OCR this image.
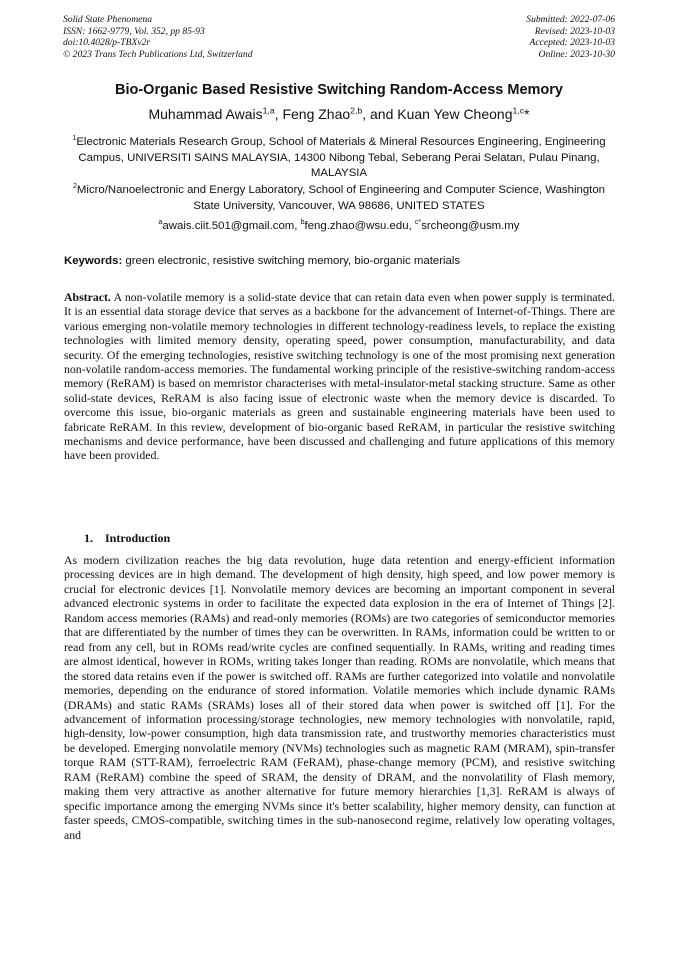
Solid State Phenomena
ISSN: 1662-9779, Vol. 352, pp 85-93
doi:10.4028/p-TBXv2r
© 2023 Trans Tech Publications Ltd, Switzerland
Submitted: 2022-07-06
Revised: 2023-10-03
Accepted: 2023-10-03
Online: 2023-10-30
Bio-Organic Based Resistive Switching Random-Access Memory
Muhammad Awais$^{1,a}$, Feng Zhao$^{2,b}$, and Kuan Yew Cheong$^{1,c}$*
$^1$Electronic Materials Research Group, School of Materials & Mineral Resources Engineering, Engineering Campus, UNIVERSITI SAINS MALAYSIA, 14300 Nibong Tebal, Seberang Perai Selatan, Pulau Pinang, MALAYSIA
$^2$Micro/Nanoelectronic and Energy Laboratory, School of Engineering and Computer Science, Washington State University, Vancouver, WA 98686, UNITED STATES
$^a$awais.ciit.501@gmail.com, $^b$feng.zhao@wsu.edu, $^{c*}$srcheong@usm.my
Keywords: green electronic, resistive switching memory, bio-organic materials

Abstract. A non-volatile memory is a solid-state device that can retain data even when power supply is terminated. It is an essential data storage device that serves as a backbone for the advancement of Internet-of-Things. There are various emerging non-volatile memory technologies in different technology-readiness levels, to replace the existing technologies with limited memory density, operating speed, power consumption, manufacturability, and data security. Of the emerging technologies, resistive switching technology is one of the most promising next generation non-volatile random-access memories. The fundamental working principle of the resistive-switching random-access memory (ReRAM) is based on memristor characterises with metal-insulator-metal stacking structure. Same as other solid-state devices, ReRAM is also facing issue of electronic waste when the memory device is discarded. To overcome this issue, bio-organic materials as green and sustainable engineering materials have been used to fabricate ReRAM. In this review, development of bio-organic based ReRAM, in particular the resistive switching mechanisms and device performance, have been discussed and challenging and future applications of this memory have been provided.

1. Introduction

As modern civilization reaches the big data revolution, huge data retention and energy-efficient information processing devices are in high demand. The development of high density, high speed, and low power memory is crucial for electronic devices [1]. Nonvolatile memory devices are becoming an important component in several advanced electronic systems in order to facilitate the expected data explosion in the era of Internet of Things [2]. Random access memories (RAMs) and read-only memories (ROMs) are two categories of semiconductor memories that are differentiated by the number of times they can be overwritten. In RAMs, information could be written to or read from any cell, but in ROMs read/write cycles are confined sequentially. In RAMs, writing and reading times are almost identical, however in ROMs, writing takes longer than reading. ROMs are nonvolatile, which means that the stored data retains even if the power is switched off. RAMs are further categorized into volatile and nonvolatile memories, depending on the endurance of stored information. Volatile memories which include dynamic RAMs (DRAMs) and static RAMs (SRAMs) loses all of their stored data when power is switched off [1]. For the advancement of information processing/storage technologies, new memory technologies with nonvolatile, rapid, high-density, low-power consumption, high data transmission rate, and trustworthy memories characteristics must be developed. Emerging nonvolatile memory (NVMs) technologies such as magnetic RAM (MRAM), spin-transfer torque RAM (STT-RAM), ferroelectric RAM (FeRAM), phase-change memory (PCM), and resistive switching RAM (ReRAM) combine the speed of SRAM, the density of DRAM, and the nonvolatility of Flash memory, making them very attractive as another alternative for future memory hierarchies [1,3]. ReRAM is always of specific importance among the emerging NVMs since it's better scalability, higher memory density, can function at faster speeds, CMOS-compatible, switching times in the sub-nanosecond regime, relatively low operating voltages, and
